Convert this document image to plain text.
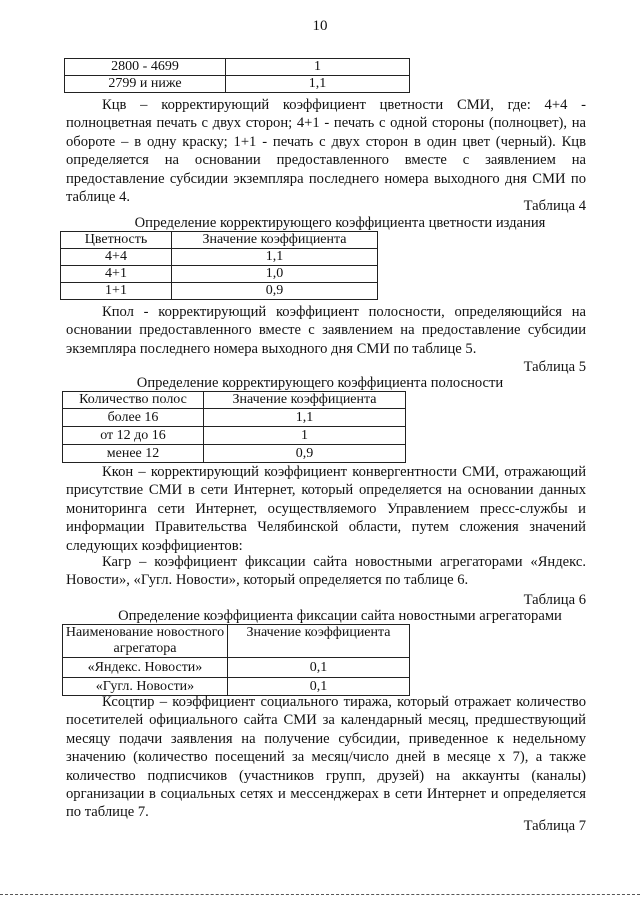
10
2800 - 4699	1
2799 и ниже	1,1
Кцв – корректирующий коэффициент цветности СМИ, где: 4+4 - полноцветная печать с двух сторон; 4+1 - печать с одной стороны (полноцвет), на обороте – в одну краску; 1+1 - печать с двух сторон в один цвет (черный). Кцв определяется на основании предоставленного вместе с заявлением на предоставление субсидии экземпляра последнего номера выходного дня СМИ по таблице 4.
Таблица 4
Определение корректирующего коэффициента цветности издания
Цветность	Значение коэффициента
4+4	1,1
4+1	1,0
1+1	0,9
Кпол - корректирующий коэффициент полосности, определяющийся на основании предоставленного вместе с заявлением на предоставление субсидии экземпляра последнего номера выходного дня СМИ по таблице 5.
Таблица 5
Определение корректирующего коэффициента полосности
Количество полос	Значение коэффициента
более 16	1,1
от 12 до 16	1
менее 12	0,9
Ккон – корректирующий коэффициент конвергентности СМИ, отражающий присутствие СМИ в сети Интернет, который определяется на основании данных мониторинга сети Интернет, осуществляемого Управлением пресс-службы и информации Правительства Челябинской области, путем сложения значений следующих коэффициентов:
Кагр – коэффициент фиксации сайта новостными агрегаторами «Яндекс. Новости», «Гугл. Новости», который определяется по таблице 6.
Таблица 6
Определение коэффициента фиксации сайта новостными агрегаторами
Наименование новостного агрегатора	Значение коэффициента
«Яндекс. Новости»	0,1
«Гугл. Новости»	0,1
Ксоцтир – коэффициент социального тиража, который отражает количество посетителей официального сайта СМИ за календарный месяц, предшествующий месяцу подачи заявления на получение субсидии, приведенное к недельному значению (количество посещений за месяц/число дней в месяце х 7), а также количество подписчиков (участников групп, друзей) на аккаунты (каналы) организации в социальных сетях и мессенджерах в сети Интернет и определяется по таблице 7.
Таблица 7
